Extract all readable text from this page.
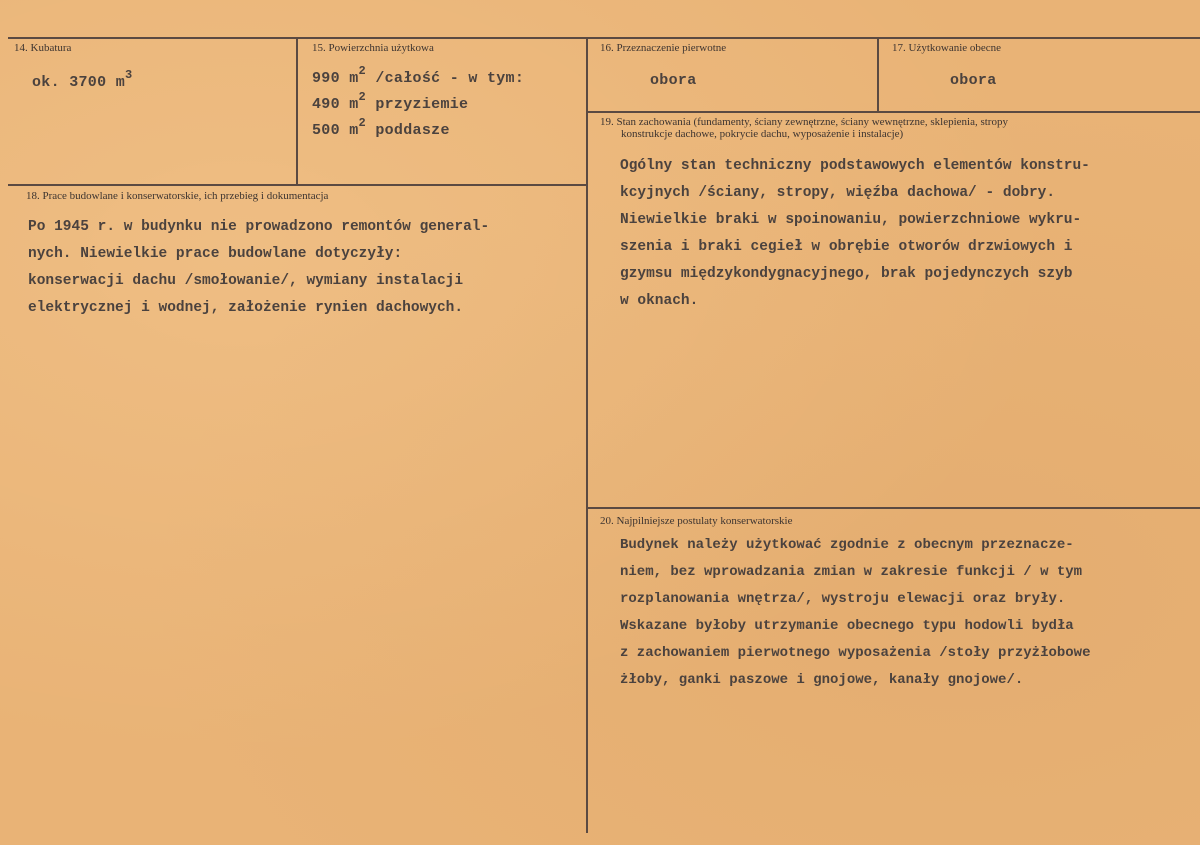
14. Kubatura
ok. 3700 $m^3$
15. Powierzchnia użytkowa
990 $m^2$ /całość - w tym:
490 $m^2$ przyziemie
500 $m^2$ poddasze
16. Przeznaczenie pierwotne
obora
17. Użytkowanie obecne
obora
18. Prace budowlane i konserwatorskie, ich przebieg i dokumentacja
Po 1945 r. w budynku nie prowadzono remontów general-
nych. Niewielkie prace budowlane dotyczyły:
konserwacji dachu /smołowanie/, wymiany instalacji
elektrycznej i wodnej, założenie rynien dachowych.
19. Stan zachowania (fundamenty, ściany zewnętrzne, ściany wewnętrzne, sklepienia, stropy
konstrukcje dachowe, pokrycie dachu, wyposażenie i instalacje)
Ogólny stan techniczny podstawowych elementów konstru-
kcyjnych /ściany, stropy, więźba dachowa/ - dobry.
Niewielkie braki w spoinowaniu, powierzchniowe wykru-
szenia i braki cegieł w obrębie otworów drzwiowych i
gzymsu międzykondygnacyjnego, brak pojedynczych szyb
w oknach.
20. Najpilniejsze postulaty konserwatorskie
Budynek należy użytkować zgodnie z obecnym przeznacze-
niem, bez wprowadzania zmian w zakresie funkcji / w tym
rozplanowania wnętrza/, wystroju elewacji oraz bryły.
Wskazane byłoby utrzymanie obecnego typu hodowli bydła
z zachowaniem pierwotnego wyposażenia /stoły przyżłobowe
żłoby, ganki paszowe i gnojowe, kanały gnojowe/.
